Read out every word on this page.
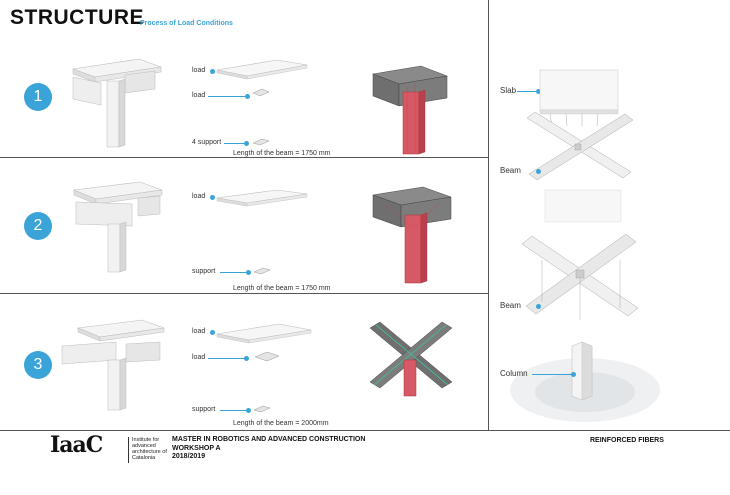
STRUCTURE
Process of Load Conditions
1
load
load
4 support
Length of the beam = 1750 mm
2
load
support
Length of the beam = 1750 mm
3
load
load
support
Length of the beam = 2000mm
Slab
Beam
Beam
Column
IaaC	Institute for advanced architecture of Catalonia
MASTER IN ROBOTICS AND ADVANCED CONSTRUCTION
WORKSHOP A
2018/2019
REINFORCED FIBERS
